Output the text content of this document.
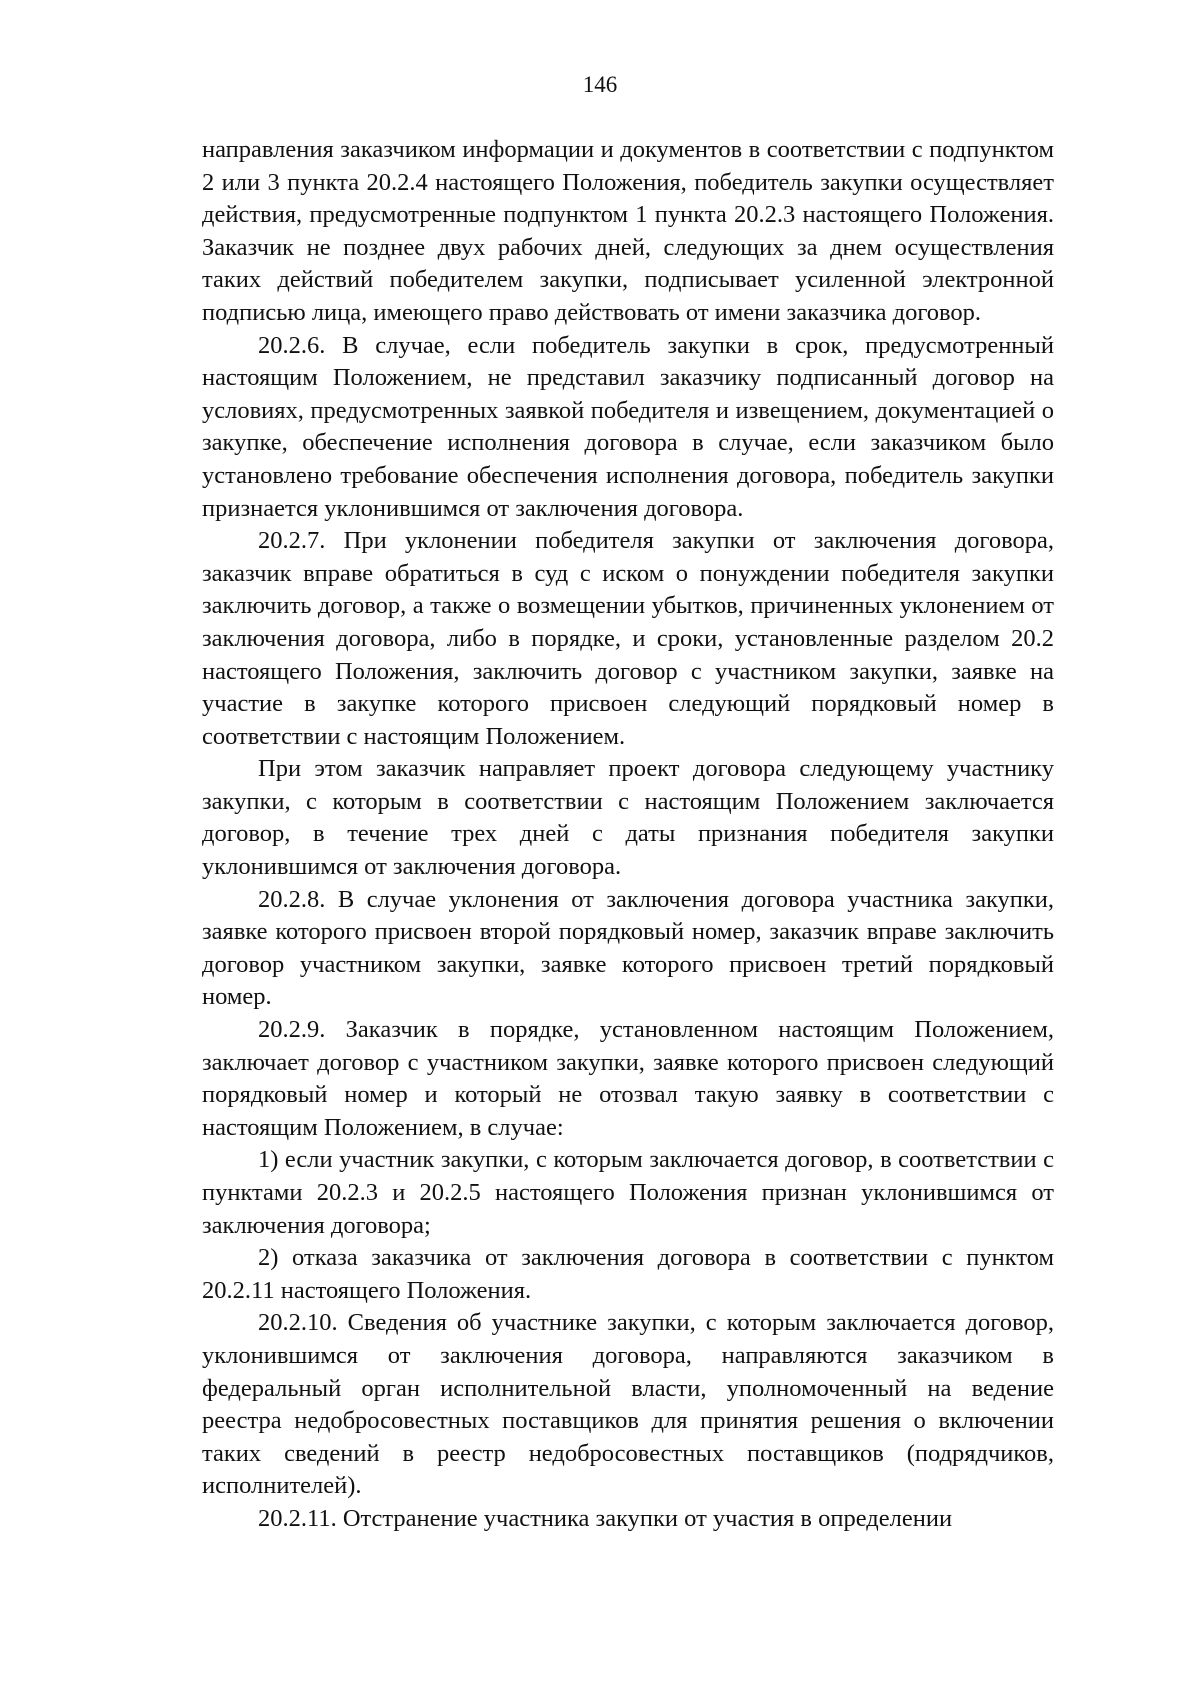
146

направления заказчиком информации и документов в соответствии с подпунктом 2 или 3 пункта 20.2.4 настоящего Положения, победитель закупки осуществляет действия, предусмотренные подпунктом 1 пункта 20.2.3 настоящего Положения. Заказчик не позднее двух рабочих дней, следующих за днем осуществления таких действий победителем закупки, подписывает усиленной электронной подписью лица, имеющего право действовать от имени заказчика договор.

20.2.6. В случае, если победитель закупки в срок, предусмотренный настоящим Положением, не представил заказчику подписанный договор на условиях, предусмотренных заявкой победителя и извещением, документацией о закупке, обеспечение исполнения договора в случае, если заказчиком было установлено требование обеспечения исполнения договора, победитель закупки признается уклонившимся от заключения договора.

20.2.7. При уклонении победителя закупки от заключения договора, заказчик вправе обратиться в суд с иском о понуждении победителя закупки заключить договор, а также о возмещении убытков, причиненных уклонением от заключения договора, либо в порядке, и сроки, установленные разделом 20.2 настоящего Положения, заключить договор с участником закупки, заявке на участие в закупке которого присвоен следующий порядковый номер в соответствии с настоящим Положением.

При этом заказчик направляет проект договора следующему участнику закупки, с которым в соответствии с настоящим Положением заключается договор, в течение трех дней с даты признания победителя закупки уклонившимся от заключения договора.

20.2.8. В случае уклонения от заключения договора участника закупки, заявке которого присвоен второй порядковый номер, заказчик вправе заключить договор участником закупки, заявке которого присвоен третий порядковый номер.

20.2.9. Заказчик в порядке, установленном настоящим Положением, заключает договор с участником закупки, заявке которого присвоен следующий порядковый номер и который не отозвал такую заявку в соответствии с настоящим Положением, в случае:

1) если участник закупки, с которым заключается договор, в соответствии с пунктами 20.2.3 и 20.2.5 настоящего Положения признан уклонившимся от заключения договора;

2) отказа заказчика от заключения договора в соответствии с пунктом 20.2.11 настоящего Положения.

20.2.10. Сведения об участнике закупки, с которым заключается договор, уклонившимся от заключения договора, направляются заказчиком в федеральный орган исполнительной власти, уполномоченный на ведение реестра недобросовестных поставщиков для принятия решения о включении таких сведений в реестр недобросовестных поставщиков (подрядчиков, исполнителей).

20.2.11. Отстранение участника закупки от участия в определении
